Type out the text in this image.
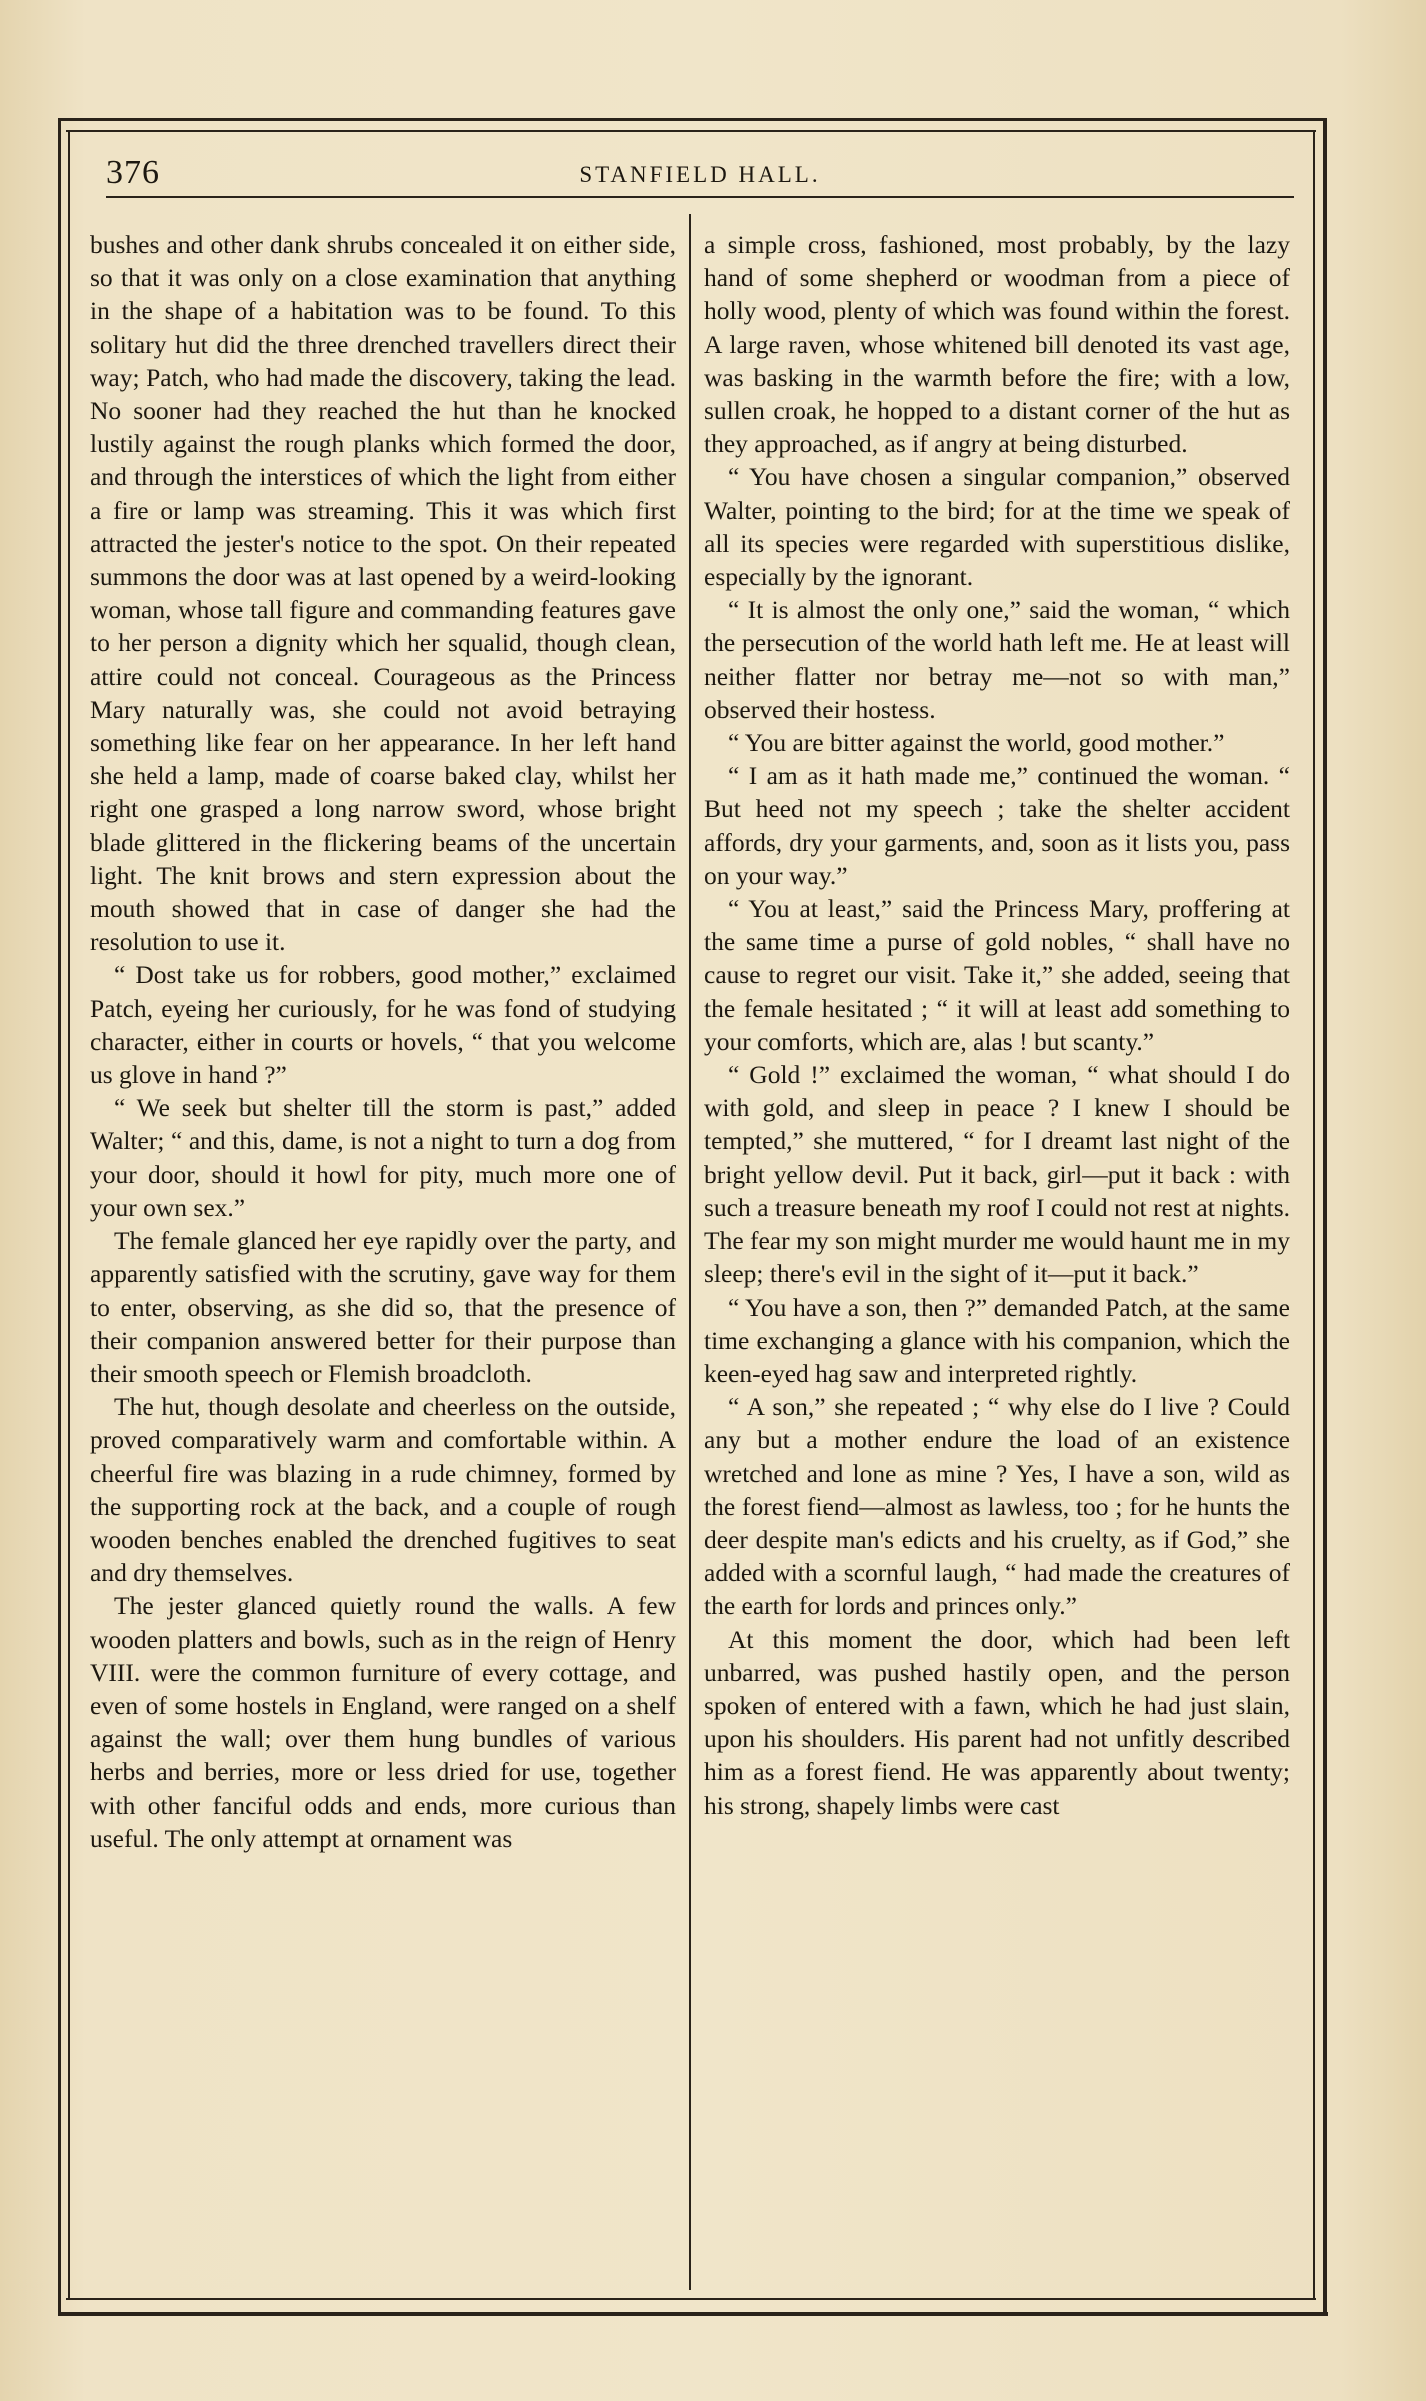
376	STANFIELD HALL.

bushes and other dank shrubs concealed it on either side, so that it was only on a close examination that anything in the shape of a habitation was to be found. To this solitary hut did the three drenched travellers direct their way; Patch, who had made the discovery, taking the lead. No sooner had they reached the hut than he knocked lustily against the rough planks which formed the door, and through the interstices of which the light from either a fire or lamp was streaming. This it was which first attracted the jester's notice to the spot. On their repeated summons the door was at last opened by a weird-looking woman, whose tall figure and commanding features gave to her person a dignity which her squalid, though clean, attire could not conceal. Courageous as the Princess Mary naturally was, she could not avoid betraying something like fear on her appearance. In her left hand she held a lamp, made of coarse baked clay, whilst her right one grasped a long narrow sword, whose bright blade glittered in the flickering beams of the uncertain light. The knit brows and stern expression about the mouth showed that in case of danger she had the resolution to use it.

“ Dost take us for robbers, good mother,” exclaimed Patch, eyeing her curiously, for he was fond of studying character, either in courts or hovels, “ that you welcome us glove in hand ?”

“ We seek but shelter till the storm is past,” added Walter; “ and this, dame, is not a night to turn a dog from your door, should it howl for pity, much more one of your own sex.”

The female glanced her eye rapidly over the party, and apparently satisfied with the scrutiny, gave way for them to enter, observing, as she did so, that the presence of their companion answered better for their purpose than their smooth speech or Flemish broadcloth.

The hut, though desolate and cheerless on the outside, proved comparatively warm and comfortable within. A cheerful fire was blazing in a rude chimney, formed by the supporting rock at the back, and a couple of rough wooden benches enabled the drenched fugitives to seat and dry themselves.

The jester glanced quietly round the walls. A few wooden platters and bowls, such as in the reign of Henry VIII. were the common furniture of every cottage, and even of some hostels in England, were ranged on a shelf against the wall; over them hung bundles of various herbs and berries, more or less dried for use, together with other fanciful odds and ends, more curious than useful. The only attempt at ornament was

a simple cross, fashioned, most probably, by the lazy hand of some shepherd or woodman from a piece of holly wood, plenty of which was found within the forest. A large raven, whose whitened bill denoted its vast age, was basking in the warmth before the fire; with a low, sullen croak, he hopped to a distant corner of the hut as they approached, as if angry at being disturbed.

“ You have chosen a singular companion,” observed Walter, pointing to the bird; for at the time we speak of all its species were regarded with superstitious dislike, especially by the ignorant.

“ It is almost the only one,” said the woman, “ which the persecution of the world hath left me. He at least will neither flatter nor betray me—not so with man,” observed their hostess.

“ You are bitter against the world, good mother.”

“ I am as it hath made me,” continued the woman. “ But heed not my speech ; take the shelter accident affords, dry your garments, and, soon as it lists you, pass on your way.”

“ You at least,” said the Princess Mary, proffering at the same time a purse of gold nobles, “ shall have no cause to regret our visit. Take it,” she added, seeing that the female hesitated ; “ it will at least add something to your comforts, which are, alas ! but scanty.”

“ Gold !” exclaimed the woman, “ what should I do with gold, and sleep in peace ? I knew I should be tempted,” she muttered, “ for I dreamt last night of the bright yellow devil. Put it back, girl—put it back : with such a treasure beneath my roof I could not rest at nights. The fear my son might murder me would haunt me in my sleep; there's evil in the sight of it—put it back.”

“ You have a son, then ?” demanded Patch, at the same time exchanging a glance with his companion, which the keen-eyed hag saw and interpreted rightly.

“ A son,” she repeated ; “ why else do I live ? Could any but a mother endure the load of an existence wretched and lone as mine ? Yes, I have a son, wild as the forest fiend—almost as lawless, too ; for he hunts the deer despite man's edicts and his cruelty, as if God,” she added with a scornful laugh, “ had made the creatures of the earth for lords and princes only.”

At this moment the door, which had been left unbarred, was pushed hastily open, and the person spoken of entered with a fawn, which he had just slain, upon his shoulders. His parent had not unfitly described him as a forest fiend. He was apparently about twenty; his strong, shapely limbs were cast
